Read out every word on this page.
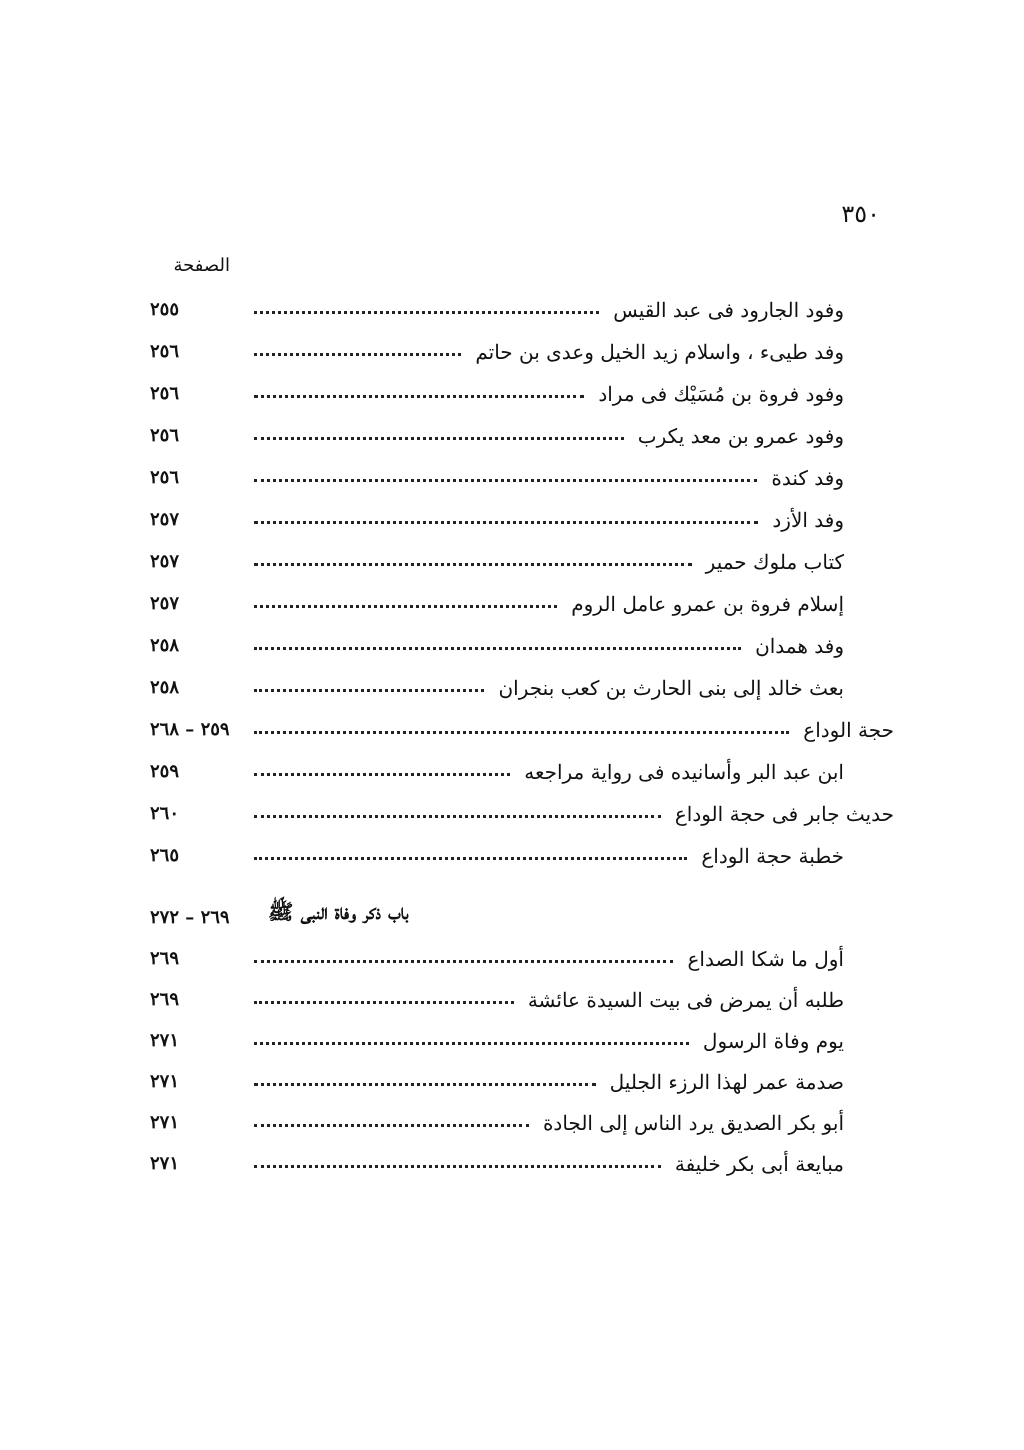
٣٥٠
الصفحة
وفود الجارود فى عبد القيس
٢٥٥
وفد طيىء ، واسلام زيد الخيل وعدى بن حاتم
٢٥٦
وفود فروة بن مُسَيْك فى مراد
٢٥٦
وفود عمرو بن معد يكرب
٢٥٦
وفد كندة
٢٥٦
وفد الأزد
٢٥٧
كتاب ملوك حمير
٢٥٧
إسلام فروة بن عمرو عامل الروم
٢٥٧
وفد همدان
٢٥٨
بعث خالد إلى بنى الحارث بن كعب بنجران
٢٥٨
حجة الوداع
٢٥٩ – ٢٦٨
ابن عبد البر وأسانيده فى رواية مراجعه
٢٥٩
حديث جابر فى حجة الوداع
٢٦٠
خطبة حجة الوداع
٢٦٥
باب ذكر وفاة النبى ﷺ
٢٦٩ – ٢٧٢
أول ما شكا الصداع
٢٦٩
طلبه أن يمرض فى بيت السيدة عائشة
٢٦٩
يوم وفاة الرسول
٢٧١
صدمة عمر لهذا الرزء الجليل
٢٧١
أبو بكر الصديق يرد الناس إلى الجادة
٢٧١
مبايعة أبى بكر خليفة
٢٧١
